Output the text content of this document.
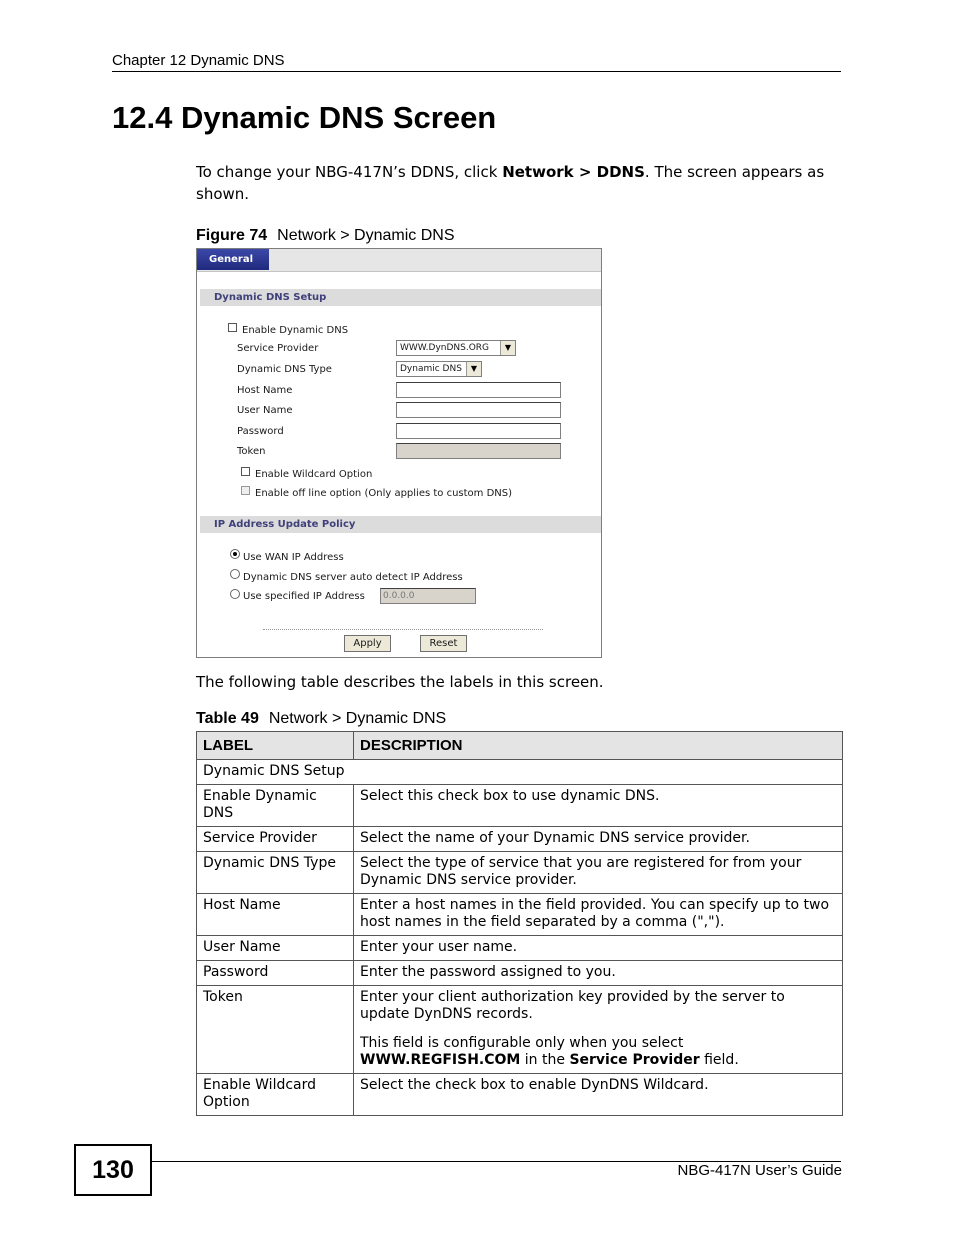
Chapter 12 Dynamic DNS
12.4 Dynamic DNS Screen
To change your NBG-417N’s DDNS, click Network > DDNS. The screen appears as shown.
Figure 74 Network > Dynamic DNS
General
Dynamic DNS Setup
Enable Dynamic DNS
Service Provider	WWW.DynDNS.ORG	▼
Dynamic DNS Type	Dynamic DNS	▼
Host Name
User Name
Password
Token
Enable Wildcard Option
Enable off line option (Only applies to custom DNS)
IP Address Update Policy
Use WAN IP Address
Dynamic DNS server auto detect IP Address
Use specified IP Address	0.0.0.0
Apply	Reset
The following table describes the labels in this screen.
Table 49 Network > Dynamic DNS
LABEL	DESCRIPTION
Dynamic DNS Setup	
Enable Dynamic DNS	Select this check box to use dynamic DNS.
Service Provider	Select the name of your Dynamic DNS service provider.
Dynamic DNS Type	Select the type of service that you are registered for from your Dynamic DNS service provider.
Host Name	Enter a host names in the field provided. You can specify up to two host names in the field separated by a comma (",").
User Name	Enter your user name.
Password	Enter the password assigned to you.
Token	Enter your client authorization key provided by the server to update DynDNS records.
This field is configurable only when you select WWW.REGFISH.COM in the Service Provider field.

Enable Wildcard Option	Select the check box to enable DynDNS Wildcard.
130	NBG-417N User’s Guide
